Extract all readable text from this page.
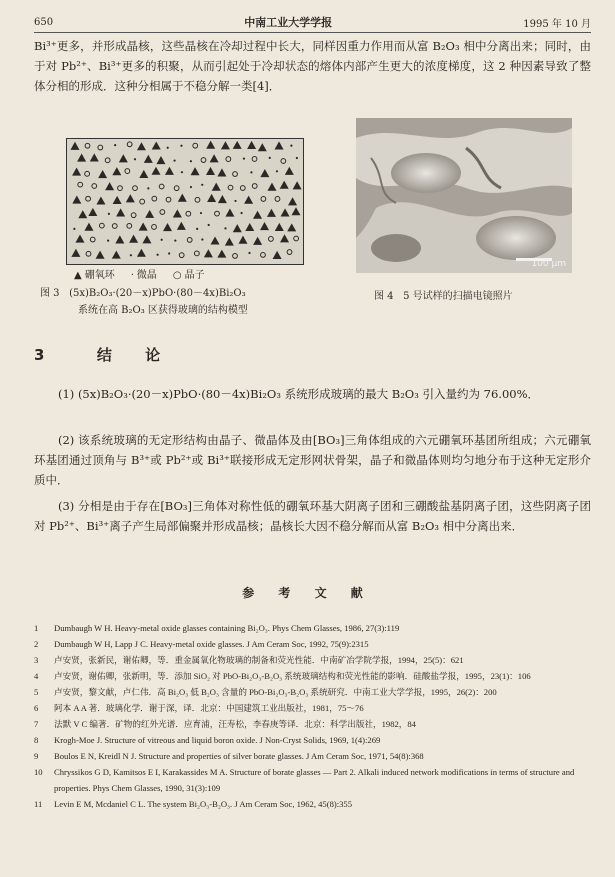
650	中南工业大学学报	1995 年 10 月
Bi³⁺更多，并形成晶核，这些晶核在冷却过程中长大，同样因重力作用而从富 B₂O₃ 相中分离出来；同时，由于对 Pb²⁺、Bi³⁺更多的积聚，从而引起处于冷却状态的熔体内部产生更大的浓度梯度，这 2 种因素导致了整体分相的形成．这种分相属于不稳分解一类[4]．
▲ 硼氧环 · 微晶 ○ 晶子
图 3 (5x)B₂O₃·(20－x)PbO·(80－4x)Bi₂O₃
系统在高 B₂O₃ 区获得玻璃的结构模型
100 μm
图 4 5 号试样的扫描电镜照片
3	结 论
(1) (5x)B₂O₃·(20－x)PbO·(80－4x)Bi₂O₃ 系统形成玻璃的最大 B₂O₃ 引入量约为 76.00%．
(2) 该系统玻璃的无定形结构由晶子、微晶体及由[BO₃]三角体组成的六元硼氧环基团所组成；六元硼氧环基团通过顶角与 B³⁺或 Pb²⁺或 Bi³⁺联接形成无定形网状骨架，晶子和微晶体则均匀地分布于这种无定形介质中．
(3) 分相是由于存在[BO₃]三角体对称性低的硼氧环基大阴离子团和三硼酸盐基阴离子团，这些阴离子团对 Pb²⁺、Bi³⁺离子产生局部偏聚并形成晶核；晶核长大因不稳分解而从富 B₂O₃ 相中分离出来．
参 考 文 献
1	Dumbaugh W H. Heavy-metal oxide glasses containing Bi₂O₃. Phys Chem Glasses, 1986, 27(3):119
2	Dumbaugh W H, Lapp J C. Heavy-metal oxide glasses. J Am Ceram Soc, 1992, 75(9):2315
3	卢安贤，张新民，谢佑卿，等．重金属氧化物玻璃的制备和荧光性能．中南矿冶学院学报，1994，25(5)：621
4	卢安贤，谢佑卿，张新明，等．添加 SiO₂ 对 PbO-Bi₂O₃-B₂O₃ 系统玻璃结构和荧光性能的影响．硅酸盐学报，1995，23(1)：106
5	卢安贤，黎文献，卢仁伟．高 Bi₂O₃ 低 B₂O₃ 含量的 PbO-Bi₂O₃-B₂O₃ 系统研究．中南工业大学学报，1995，26(2)：200
6	阿本 A A 著．玻璃化学．谢于深，译．北京：中国建筑工业出版社，1981，75～76
7	法默 V C 编著．矿物的红外光谱．应育浦，汪寿松，李春庚等译．北京：科学出版社，1982，84
8	Krogh-Moe J. Structure of vitreous and liquid boron oxide. J Non-Cryst Solids, 1969, 1(4):269
9	Boulos E N, Kreidl N J. Structure and properties of silver borate glasses. J Am Ceram Soc, 1971, 54(8):368
10	Chryssikos G D, Kamitsos E I, Karakassides M A. Structure of borate glasses — Part 2. Alkali induced network modifications in terms of structure and properties. Phys Chem Glasses, 1990, 31(3):109
11	Levin E M, Mcdaniel C L. The system Bi₂O₃-B₂O₃. J Am Ceram Soc, 1962, 45(8):355
